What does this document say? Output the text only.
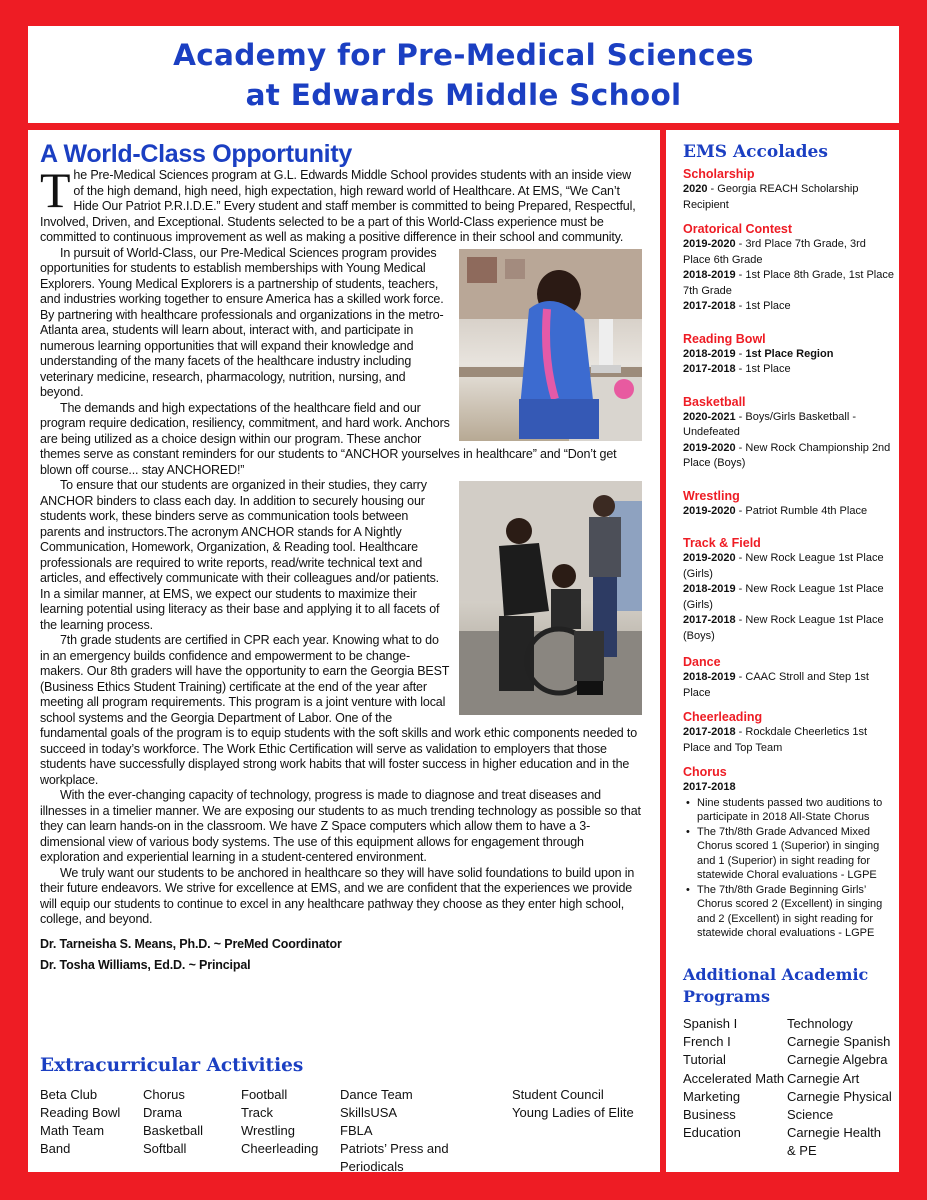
Academy for Pre-Medical Sciences
at Edwards Middle School
A World-Class Opportunity

The Pre-Medical Sciences program at G.L. Edwards Middle School provides students with an inside view of the high demand, high need, high expectation, high reward world of Healthcare. At EMS, “We Can’t Hide Our Patriot P.R.I.D.E.” Every student and staff member is committed to being Prepared, Respectful, Involved, Driven, and Exceptional. Students selected to be a part of this World-Class experience must be committed to continuous improvement as well as making a positive difference in their school and community.

In pursuit of World-Class, our Pre-Medical Sciences program provides opportunities for students to establish memberships with Young Medical Explorers. Young Medical Explorers is a partnership of students, teachers, and industries working together to ensure America has a skilled work force. By partnering with healthcare professionals and organizations in the metro-Atlanta area, students will learn about, interact with, and participate in numerous learning opportunities that will expand their knowledge and understanding of the many facets of the healthcare industry including veterinary medicine, research, pharmacology, nutrition, nursing, and beyond.

The demands and high expectations of the healthcare field and our program require dedication, resiliency, commitment, and hard work. Anchors are being utilized as a choice design within our program. These anchor themes serve as constant reminders for our students to “ANCHOR yourselves in healthcare” and “Don’t get blown off course... stay ANCHORED!”

To ensure that our students are organized in their studies, they carry ANCHOR binders to class each day. In addition to securely housing our students work, these binders serve as communication tools between parents and instructors.The acronym ANCHOR stands for A Nightly Communication, Homework, Organization, & Reading tool. Healthcare professionals are required to write reports, read/write technical text and articles, and effectively communicate with their colleagues and/or patients. In a similar manner, at EMS, we expect our students to maximize their learning potential using literacy as their base and applying it to all facets of the learning process.

7th grade students are certified in CPR each year. Knowing what to do in an emergency builds confidence and empowerment to be change-makers. Our 8th graders will have the opportunity to earn the Georgia BEST (Business Ethics Student Training) certificate at the end of the year after meeting all program requirements. This program is a joint venture with local school systems and the Georgia Department of Labor. One of the fundamental goals of the program is to equip students with the soft skills and work ethic components needed to succeed in today’s workforce. The Work Ethic Certification will serve as validation to employers that those students have successfully displayed strong work habits that will foster success in higher education and in the workplace.

With the ever-changing capacity of technology, progress is made to diagnose and treat diseases and illnesses in a timelier manner. We are exposing our students to as much trending technology as possible so that they can learn hands-on in the classroom. We have Z Space computers which allow them to have a 3-dimensional view of various body systems. The use of this equipment allows for engagement through exploration and experiential learning in a student-centered environment.

We truly want our students to be anchored in healthcare so they will have solid foundations to build upon in their future endeavors. We strive for excellence at EMS, and we are confident that the experiences we provide will equip our students to continue to excel in any healthcare pathway they choose as they enter high school, college, and beyond.

Dr. Tarneisha S. Means, Ph.D. ~ PreMed Coordinator
Dr. Tosha Williams, Ed.D. ~ Principal
Extracurricular Activities
Beta Club
Reading Bowl
Math Team
Band
Chorus
Drama
Basketball
Softball
Football
Track
Wrestling
Cheerleading
Dance Team
SkillsUSA
FBLA
Patriots’ Press and Periodicals
Student Council
Young Ladies of Elite
EMS Accolades
Scholarship
2020 - Georgia REACH Scholarship Recipient
Oratorical Contest
2019-2020 - 3rd Place 7th Grade, 3rd Place 6th Grade
2018-2019 - 1st Place 8th Grade, 1st Place 7th Grade
2017-2018 - 1st Place
Reading Bowl
2018-2019 - 1st Place Region
2017-2018 - 1st Place
Basketball
2020-2021 - Boys/Girls Basketball - Undefeated
2019-2020 - New Rock Championship 2nd Place (Boys)
Wrestling
2019-2020 - Patriot Rumble 4th Place
Track & Field
2019-2020 - New Rock League 1st Place (Girls)
2018-2019 - New Rock League 1st Place (Girls)
2017-2018 - New Rock League 1st Place (Boys)
Dance
2018-2019 - CAAC Stroll and Step 1st Place
Cheerleading
2017-2018 - Rockdale Cheerletics 1st Place and Top Team
Chorus
2017-2018
• Nine students passed two auditions to participate in 2018 All-State Chorus
• The 7th/8th Grade Advanced Mixed Chorus scored 1 (Superior) in singing and 1 (Superior) in sight reading for statewide Choral evaluations - LGPE
• The 7th/8th Grade Beginning Girls’ Chorus scored 2 (Excellent) in singing and 2 (Excellent) in sight reading for statewide choral evaluations - LGPE
Additional Academic Programs
Spanish I
French I
Tutorial
Accelerated Math
Marketing
Business
Education
Technology
Carnegie Spanish
Carnegie Algebra
Carnegie Art
Carnegie Physical
Science
Carnegie Health
& PE
